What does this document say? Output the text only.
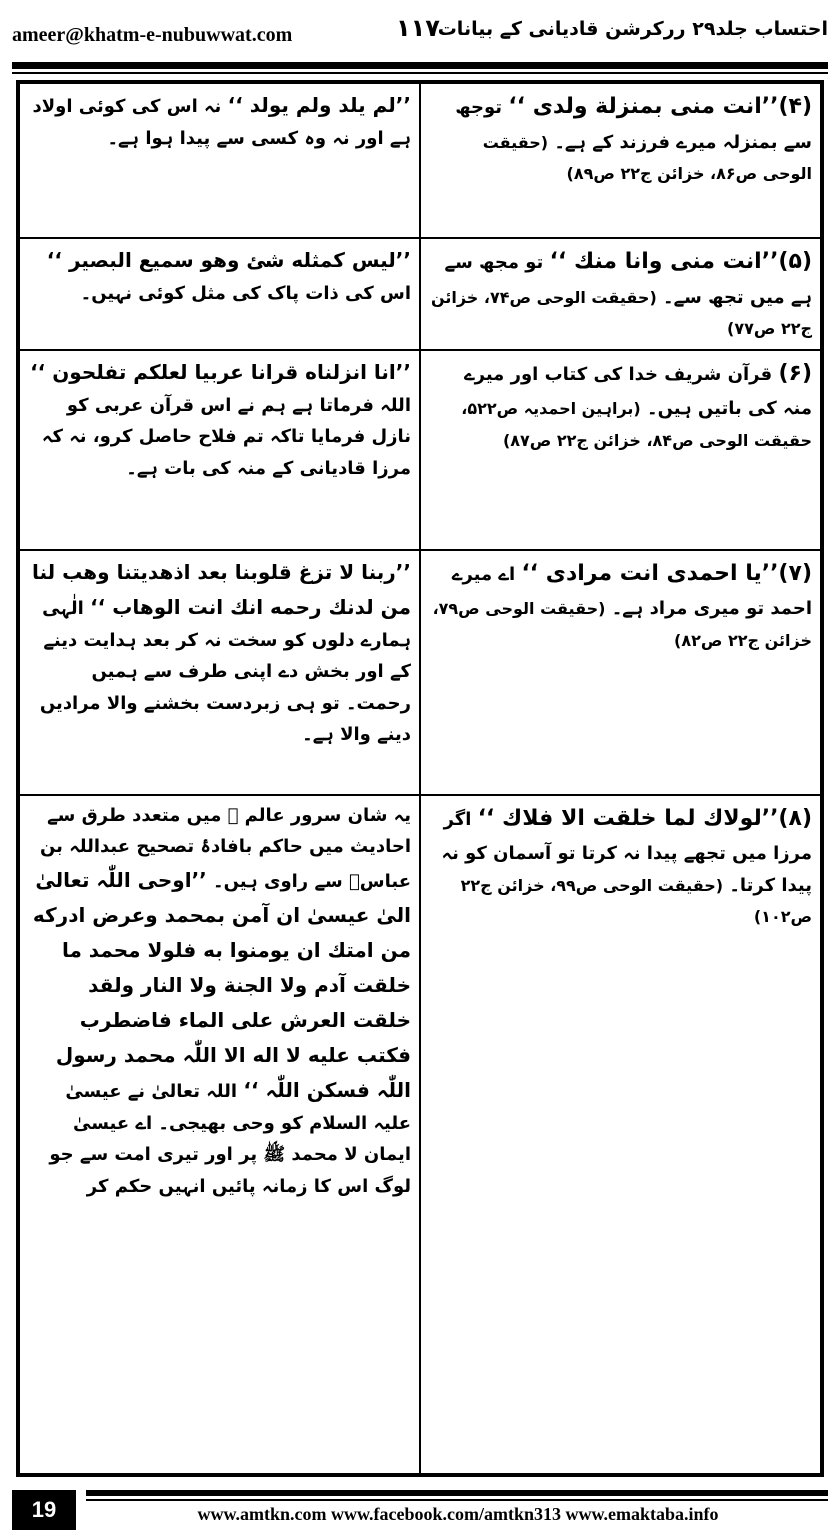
ameer@khatm-e-nubuwwat.com	۱۱۷
احتساب جلد۲۹ ررکرشن قادیانی کے بیانات
(۴)’’انت منی بمنزلة ولدی ‘‘ توجھ سے بمنزلہ میرے فرزند کے ہے۔ (حقیقت الوحی ص۸۶، خزائن ج۲۲ ص۸۹)	’’لم یلد ولم یولد ‘‘ نہ اس کی کوئی اولاد ہے اور نہ وہ کسی سے پیدا ہوا ہے۔
(۵)’’انت منی وانا منك ‘‘ تو مجھ سے ہے میں تجھ سے۔ (حقیقت الوحی ص۷۴، خزائن ج۲۲ ص۷۷)	’’لیس کمثله شئ وهو سمیع البصیر ‘‘ اس کی ذات پاک کی مثل کوئی نہیں۔
(۶) قرآن شریف خدا کی کتاب اور میرے منہ کی باتیں ہیں۔ (براہین احمدیہ ص۵۲۲، حقیقت الوحی ص۸۴، خزائن ج۲۲ ص۸۷)	’’انا انزلناه قرانا عربیا لعلکم تفلحون ‘‘ اللہ فرماتا ہے ہم نے اس قرآن عربی کو نازل فرمایا تاکہ تم فلاح حاصل کرو، نہ کہ مرزا قادیانی کے منہ کی بات ہے۔
(۷)’’یا احمدی انت مرادی ‘‘ اے میرے احمد تو میری مراد ہے۔ (حقیقت الوحی ص۷۹، خزائن ج۲۲ ص۸۲)	’’ربنا لا تزغ قلوبنا بعد اذهدیتنا وهب لنا من لدنك رحمه انك انت الوهاب ‘‘ الٰہی ہمارے دلوں کو سخت نہ کر بعد ہدایت دینے کے اور بخش دے اپنی طرف سے ہمیں رحمت۔ تو ہی زبردست بخشنے والا مرادیں دینے والا ہے۔
(۸)’’لولاك لما خلقت الا فلاك ‘‘ اگر مرزا میں تجھے پیدا نہ کرتا تو آسمان کو نہ پیدا کرتا۔ (حقیقت الوحی ص۹۹، خزائن ج۲۲ ص۱۰۲)	یہ شان سرور عالم ﷺ میں متعدد طرق سے احادیث میں حاکم بافادۂ تصحیح عبداللہ بن عباسؓ سے راوی ہیں۔ ’’اوحی اللّٰہ تعالیٰ الیٰ عیسیٰ ان آمن بمحمد وعرض ادرکه من امتك ان یومنوا به فلولا محمد ما خلقت آدم ولا الجنة ولا النار ولقد خلقت العرش علی الماء فاضطرب فکتب علیه لا اله الا اللّٰہ محمد رسول اللّٰہ فسکن اللّٰہ ‘‘ اللہ تعالیٰ نے عیسیٰ علیہ السلام کو وحی بھیجی۔ اے عیسیٰ ایمان لا محمد ﷺ پر اور تیری امت سے جو لوگ اس کا زمانہ پائیں انہیں حکم کر
19	www.amtkn.com www.facebook.com/amtkn313 www.emaktaba.info
